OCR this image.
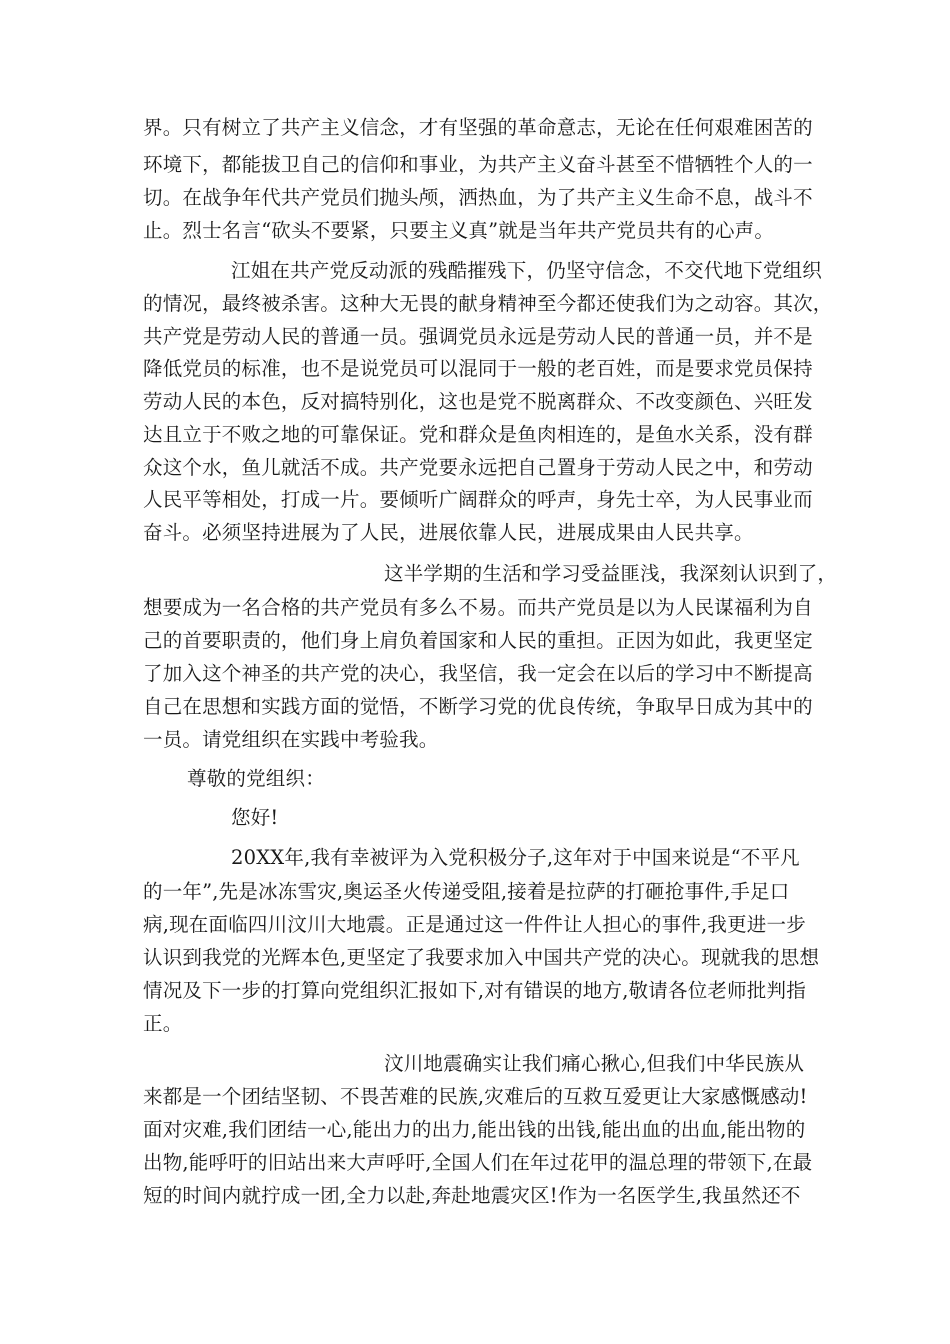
界。只有树立了共产主义信念，才有坚强的革命意志，无论在任何艰难困苦的
环境下，都能拔卫自己的信仰和事业，为共产主义奋斗甚至不惜牺牲个人的一
切。在战争年代共产党员们抛头颅，洒热血，为了共产主义生命不息，战斗不
止。烈士名言“砍头不要紧，只要主义真”就是当年共产党员共有的心声。
江姐在共产党反动派的残酷摧残下，仍坚守信念，不交代地下党组织
的情况，最终被杀害。这种大无畏的献身精神至今都还使我们为之动容。其次，
共产党是劳动人民的普通一员。强调党员永远是劳动人民的普通一员，并不是
降低党员的标准，也不是说党员可以混同于一般的老百姓，而是要求党员保持
劳动人民的本色，反对搞特别化，这也是党不脱离群众、不改变颜色、兴旺发
达且立于不败之地的可靠保证。党和群众是鱼肉相连的，是鱼水关系，没有群
众这个水，鱼儿就活不成。共产党要永远把自己置身于劳动人民之中，和劳动
人民平等相处，打成一片。要倾听广阔群众的呼声，身先士卒，为人民事业而
奋斗。必须坚持进展为了人民，进展依靠人民，进展成果由人民共享。
这半学期的生活和学习受益匪浅，我深刻认识到了，
想要成为一名合格的共产党员有多么不易。而共产党员是以为人民谋福利为自
己的首要职责的，他们身上肩负着国家和人民的重担。正因为如此，我更坚定
了加入这个神圣的共产党的决心，我坚信，我一定会在以后的学习中不断提高
自己在思想和实践方面的觉悟，不断学习党的优良传统，争取早日成为其中的
一员。请党组织在实践中考验我。
尊敬的党组织：
您好!
20XX年,我有幸被评为入党积极分子,这年对于中国来说是“不平凡
的一年”,先是冰冻雪灾,奥运圣火传递受阻,接着是拉萨的打砸抢事件,手足口
病,现在面临四川汶川大地震。正是通过这一件件让人担心的事件,我更进一步
认识到我党的光辉本色,更坚定了我要求加入中国共产党的决心。现就我的思想
情况及下一步的打算向党组织汇报如下,对有错误的地方,敬请各位老师批判指
正。
汶川地震确实让我们痛心揪心,但我们中华民族从
来都是一个团结坚韧、不畏苦难的民族,灾难后的互救互爱更让大家感慨感动!
面对灾难,我们团结一心,能出力的出力,能出钱的出钱,能出血的出血,能出物的
出物,能呼吁的旧站出来大声呼吁,全国人们在年过花甲的温总理的带领下,在最
短的时间内就拧成一团,全力以赴,奔赴地震灾区!作为一名医学生,我虽然还不
